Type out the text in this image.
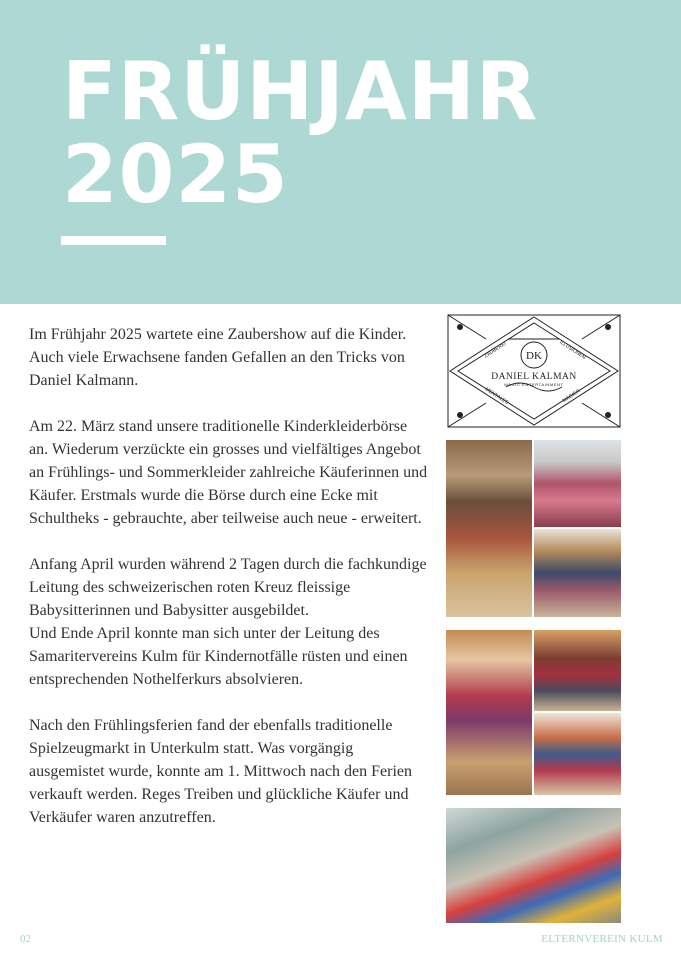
FRÜHJAHR
2025

Im Frühjahr 2025 wartete eine Zaubershow auf die Kinder. Auch viele Erwachsene fanden Gefallen an den Tricks von Daniel Kalmann.

Am 22. März stand unsere traditionelle Kinderkleiderbörse an. Wiederum verzückte ein grosses und vielfältiges Angebot an Frühlings- und Sommerkleider zahlreiche Käuferinnen und Käufer. Erstmals wurde die Börse durch eine Ecke mit Schultheks - gebrauchte, aber teilweise auch neue - erweitert.

Anfang April wurden während 2 Tagen durch die fachkundige Leitung des schweizerischen roten Kreuz fleissige Babysitterinnen und Babysitter ausgebildet.

Und Ende April konnte man sich unter der Leitung des Samaritervereins Kulm für Kindernotfälle rüsten und einen entsprechenden Nothelferkurs absolvieren.

Nach den Frühlingsferien fand der ebenfalls traditionelle Spielzeugmarkt in Unterkulm statt. Was vorgängig ausgemistet wurde, konnte am 1. Mittwoch nach den Ferien verkauft werden. Reges Treiben und glückliche Käufer und Verkäufer waren anzutreffen.

DK
DANIEL KALMAN
MAGIC ENTERTAINMENT
ZAUBEREI	ILLUSIONEN
MENTALES	MAGIER
02	ELTERNVEREIN KULM
